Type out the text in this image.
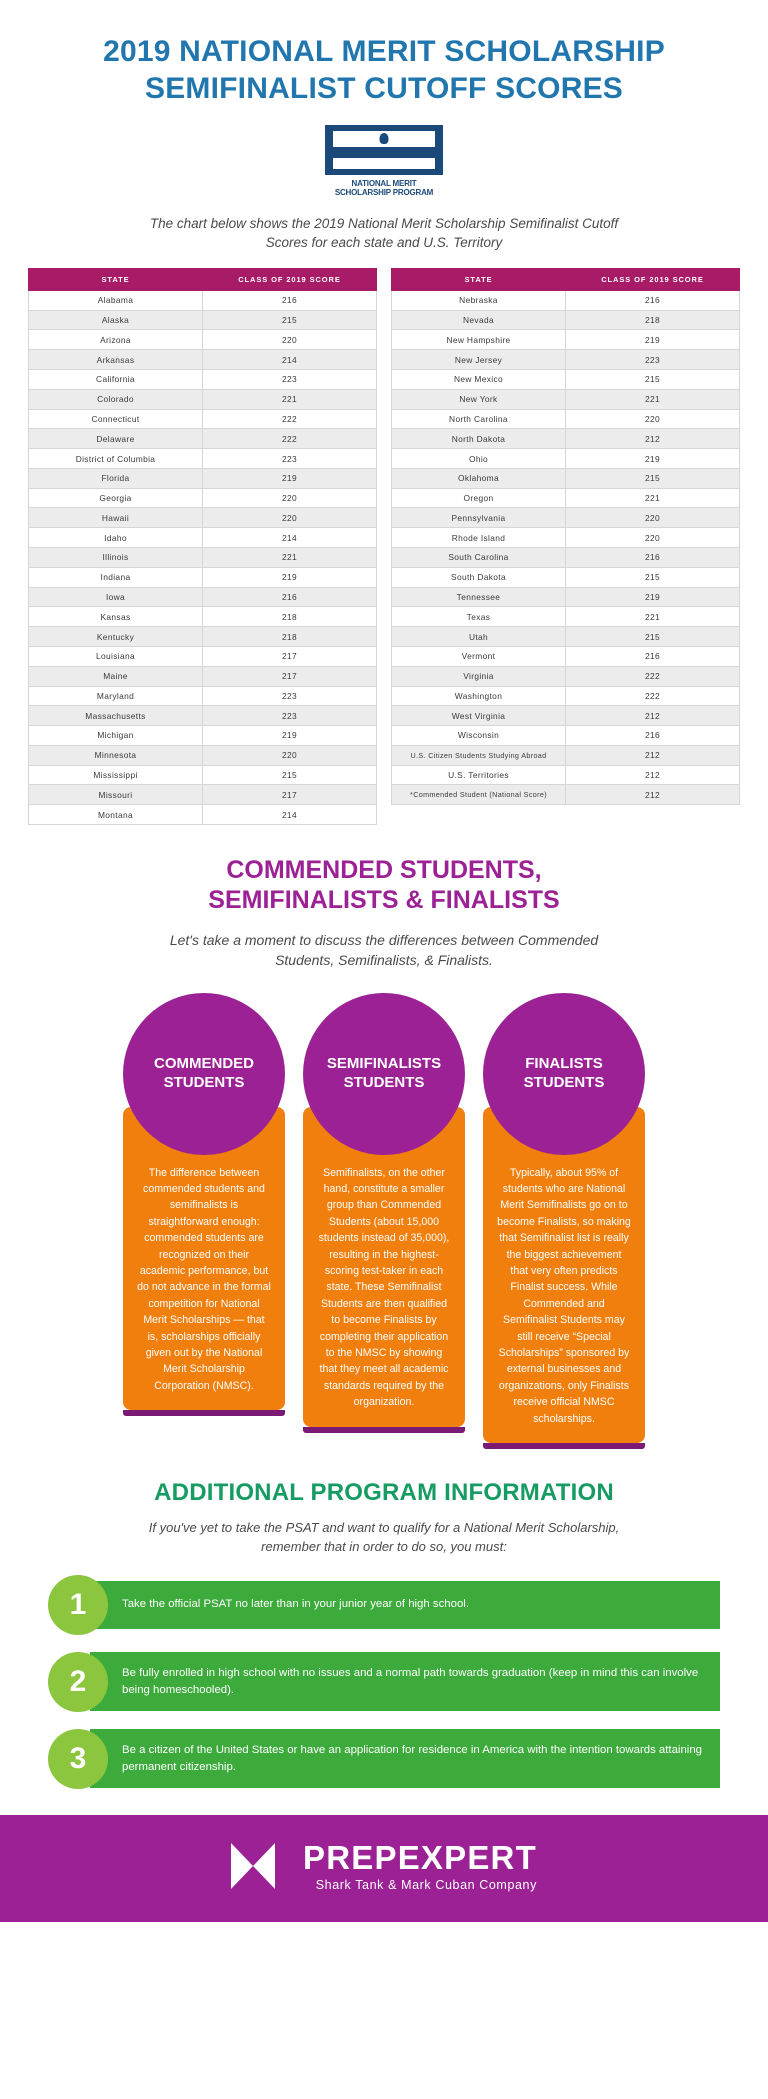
2019 NATIONAL MERIT SCHOLARSHIP
SEMIFINALIST CUTOFF SCORES
NATIONAL MERIT
SCHOLARSHIP PROGRAM
The chart below shows the 2019 National Merit Scholarship Semifinalist Cutoff Scores for each state and U.S. Territory
STATE	CLASS OF 2019 SCORE
Alabama	216
Alaska	215
Arizona	220
Arkansas	214
California	223
Colorado	221
Connecticut	222
Delaware	222
District of Columbia	223
Florida	219
Georgia	220
Hawaii	220
Idaho	214
Illinois	221
Indiana	219
Iowa	216
Kansas	218
Kentucky	218
Louisiana	217
Maine	217
Maryland	223
Massachusetts	223
Michigan	219
Minnesota	220
Mississippi	215
Missouri	217
Montana	214
STATE	CLASS OF 2019 SCORE
Nebraska	216
Nevada	218
New Hampshire	219
New Jersey	223
New Mexico	215
New York	221
North Carolina	220
North Dakota	212
Ohio	219
Oklahoma	215
Oregon	221
Pennsylvania	220
Rhode Island	220
South Carolina	216
South Dakota	215
Tennessee	219
Texas	221
Utah	215
Vermont	216
Virginia	222
Washington	222
West Virginia	212
Wisconsin	216
U.S. Citizen Students Studying Abroad	212
U.S. Territories	212
*Commended Student (National Score)	212
COMMENDED STUDENTS,
SEMIFINALISTS & FINALISTS
Let's take a moment to discuss the differences between Commended Students, Semifinalists, & Finalists.
COMMENDED
STUDENTS
The difference between commended students and semifinalists is straightforward enough: commended students are recognized on their academic performance, but do not advance in the formal competition for National Merit Scholarships — that is, scholarships officially given out by the National Merit Scholarship Corporation (NMSC).
SEMIFINALISTS
STUDENTS
Semifinalists, on the other hand, constitute a smaller group than Commended Students (about 15,000 students instead of 35,000), resulting in the highest-scoring test-taker in each state. These Semifinalist Students are then qualified to become Finalists by completing their application to the NMSC by showing that they meet all academic standards required by the organization.
FINALISTS
STUDENTS
Typically, about 95% of students who are National Merit Semifinalists go on to become Finalists, so making that Semifinalist list is really the biggest achievement that very often predicts Finalist success. While Commended and Semifinalist Students may still receive “Special Scholarships” sponsored by external businesses and organizations, only Finalists receive official NMSC scholarships.
ADDITIONAL PROGRAM INFORMATION
If you've yet to take the PSAT and want to qualify for a National Merit Scholarship, remember that in order to do so, you must:
1	Take the official PSAT no later than in your junior year of high school.
2	Be fully enrolled in high school with no issues and a normal path towards graduation (keep in mind this can involve being homeschooled).
3	Be a citizen of the United States or have an application for residence in America with the intention towards attaining permanent citizenship.
PREPEXPERT
Shark Tank & Mark Cuban Company
